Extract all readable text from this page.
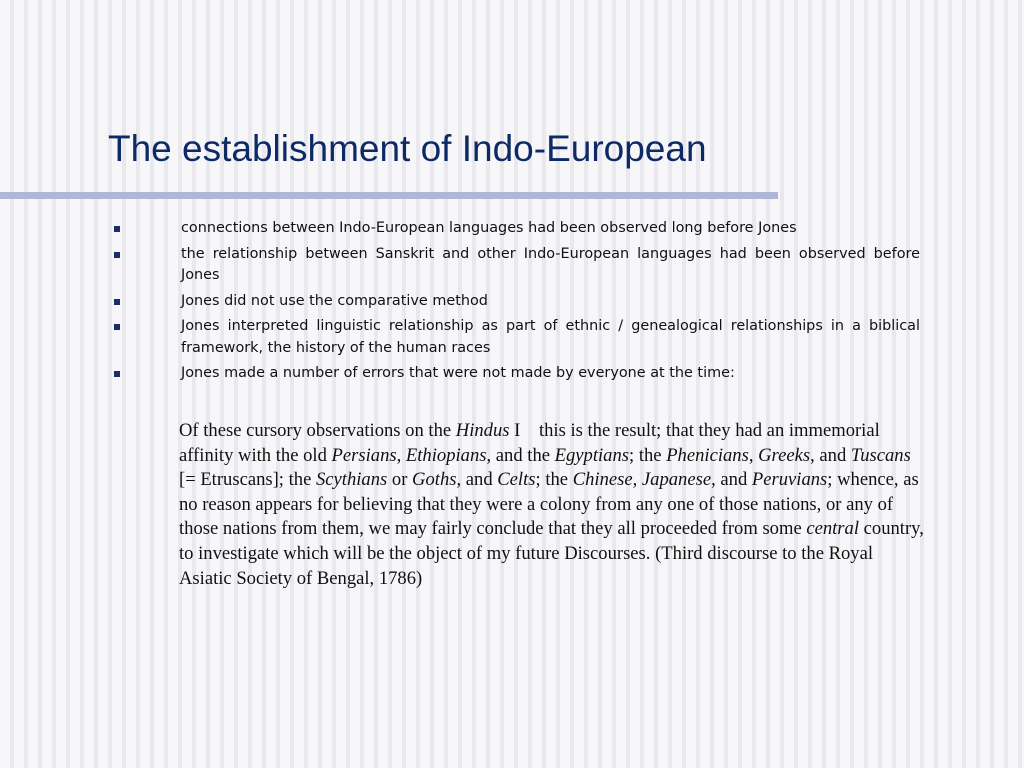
The establishment of Indo-European
connections between Indo-European languages had been observed long before Jones
the relationship between Sanskrit and other Indo-European languages had been observed before Jones
Jones did not use the comparative method
Jones interpreted linguistic relationship as part of ethnic / genealogical relationships in a biblical framework, the history of the human races
Jones made a number of errors that were not made by everyone at the time:

Of these cursory observations on the Hindus I    this is the result; that they had an immemorial affinity with the old Persians, Ethiopians, and the Egyptians; the Phenicians, Greeks, and Tuscans [= Etruscans]; the Scythians or Goths, and Celts; the Chinese, Japanese, and Peruvians; whence, as no reason appears for believing that they were a colony from any one of those nations, or any of those nations from them, we may fairly conclude that they all proceeded from some central country, to investigate which will be the object of my future Discourses. (Third discourse to the Royal Asiatic Society of Bengal, 1786)
